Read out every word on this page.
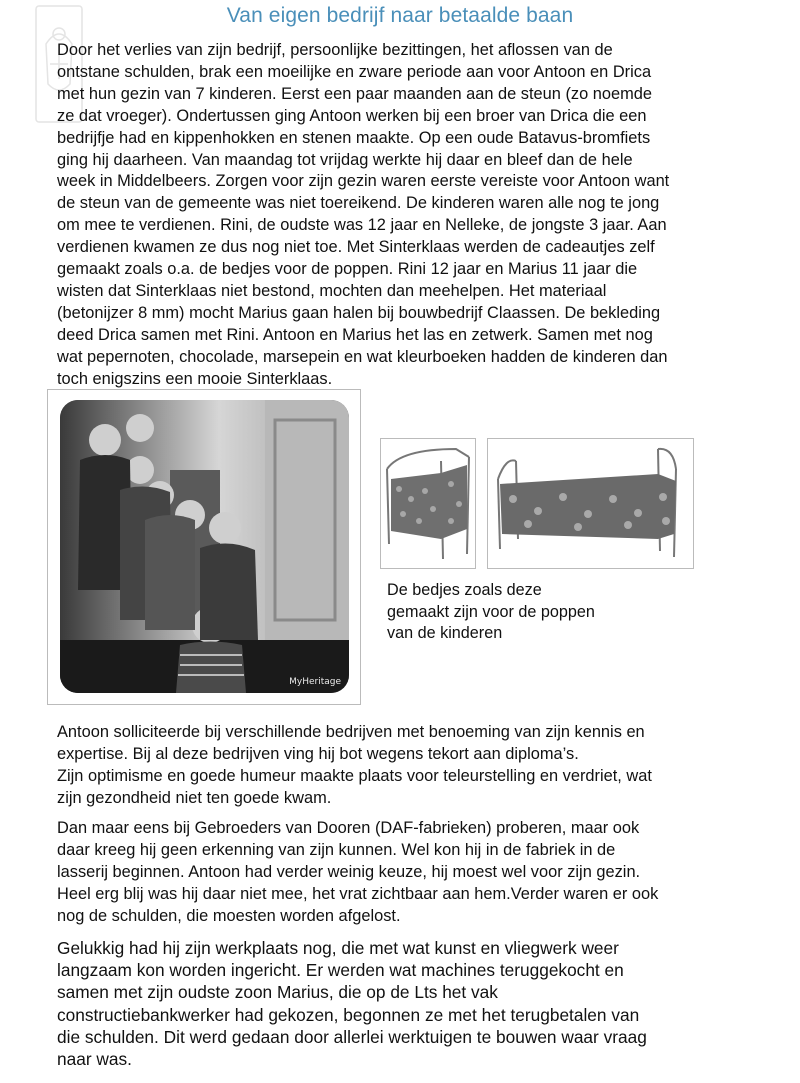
Van eigen bedrijf naar betaalde baan

Door het verlies van zijn bedrijf, persoonlijke bezittingen, het aflossen van de
ontstane schulden, brak een moeilijke en zware periode aan voor Antoon en Drica
met hun gezin van 7 kinderen. Eerst een paar maanden aan de steun (zo noemde
ze dat vroeger). Ondertussen ging Antoon werken bij een broer van Drica die een
bedrijfje had en kippenhokken en stenen maakte. Op een oude Batavus-bromfiets
ging hij daarheen. Van maandag tot vrijdag werkte hij daar en bleef dan de hele
week in Middelbeers. Zorgen voor zijn gezin waren eerste vereiste voor Antoon want
de steun van de gemeente was niet toereikend. De kinderen waren alle nog te jong
om mee te verdienen. Rini, de oudste was 12 jaar en Nelleke, de jongste 3 jaar. Aan
verdienen kwamen ze dus nog niet toe. Met Sinterklaas werden de cadeautjes zelf
gemaakt zoals o.a. de bedjes voor de poppen. Rini 12 jaar en Marius 11 jaar die
wisten dat Sinterklaas niet bestond, mochten dan meehelpen. Het materiaal
(betonijzer 8 mm) mocht Marius gaan halen bij bouwbedrijf Claassen. De bekleding
deed Drica samen met Rini. Antoon en Marius het las en zetwerk. Samen met nog
wat pepernoten, chocolade, marsepein en wat kleurboeken hadden de kinderen dan
toch enigszins een mooie Sinterklaas.

MyHeritage

De bedjes zoals deze
gemaakt zijn voor de poppen
van de kinderen

Antoon solliciteerde bij verschillende bedrijven met benoeming van zijn kennis en
expertise. Bij al deze bedrijven ving hij bot wegens tekort aan diploma’s.
Zijn optimisme en goede humeur maakte plaats voor teleurstelling en verdriet, wat
zijn gezondheid niet ten goede kwam.

Dan maar eens bij Gebroeders van Dooren (DAF-fabrieken) proberen, maar ook
daar kreeg hij geen erkenning van zijn kunnen. Wel kon hij in de fabriek in de
lasserij beginnen. Antoon had verder weinig keuze, hij moest wel voor zijn gezin.
Heel erg blij was hij daar niet mee, het vrat zichtbaar aan hem.Verder waren er ook
nog de schulden, die moesten worden afgelost.

Gelukkig had hij zijn werkplaats nog, die met wat kunst en vliegwerk weer
langzaam kon worden ingericht. Er werden wat machines teruggekocht en
samen met zijn oudste zoon Marius, die op de Lts het vak
constructiebankwerker had gekozen, begonnen ze met het terugbetalen van
die schulden. Dit werd gedaan door allerlei werktuigen te bouwen waar vraag
naar was.
